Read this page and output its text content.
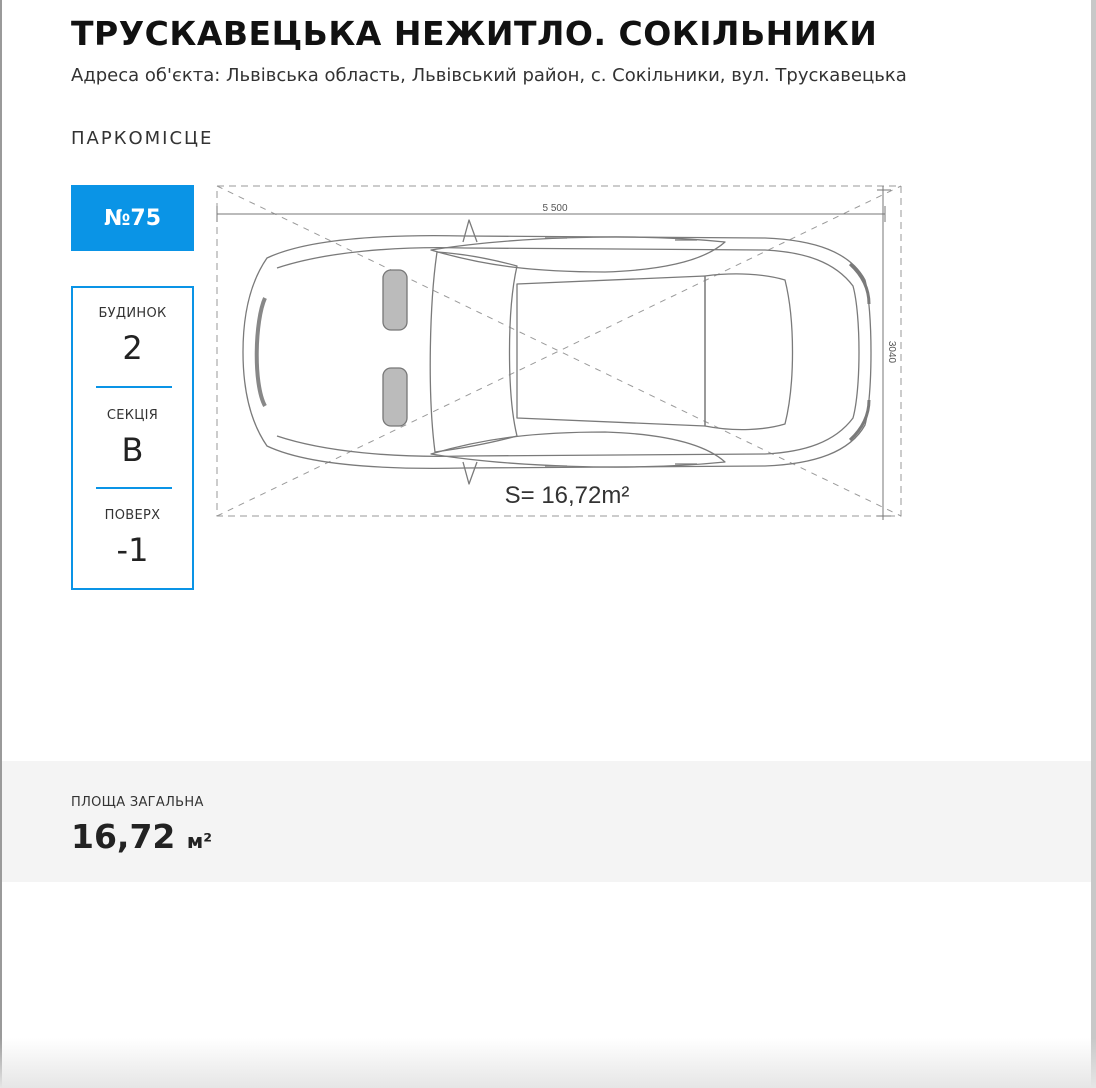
ТРУСКАВЕЦЬКА НЕЖИТЛО. СОКІЛЬНИКИ
Адреса об'єкта: Львівська область, Львівський район, с. Сокільники, вул. Трускавецька
ПАРКОМІСЦЕ
№75
БУДИНОК
2
СЕКЦІЯ
В
ПОВЕРХ
-1
5 500
3040
S= 16,72m²
ПЛОЩА ЗАГАЛЬНА
16,72 м²
